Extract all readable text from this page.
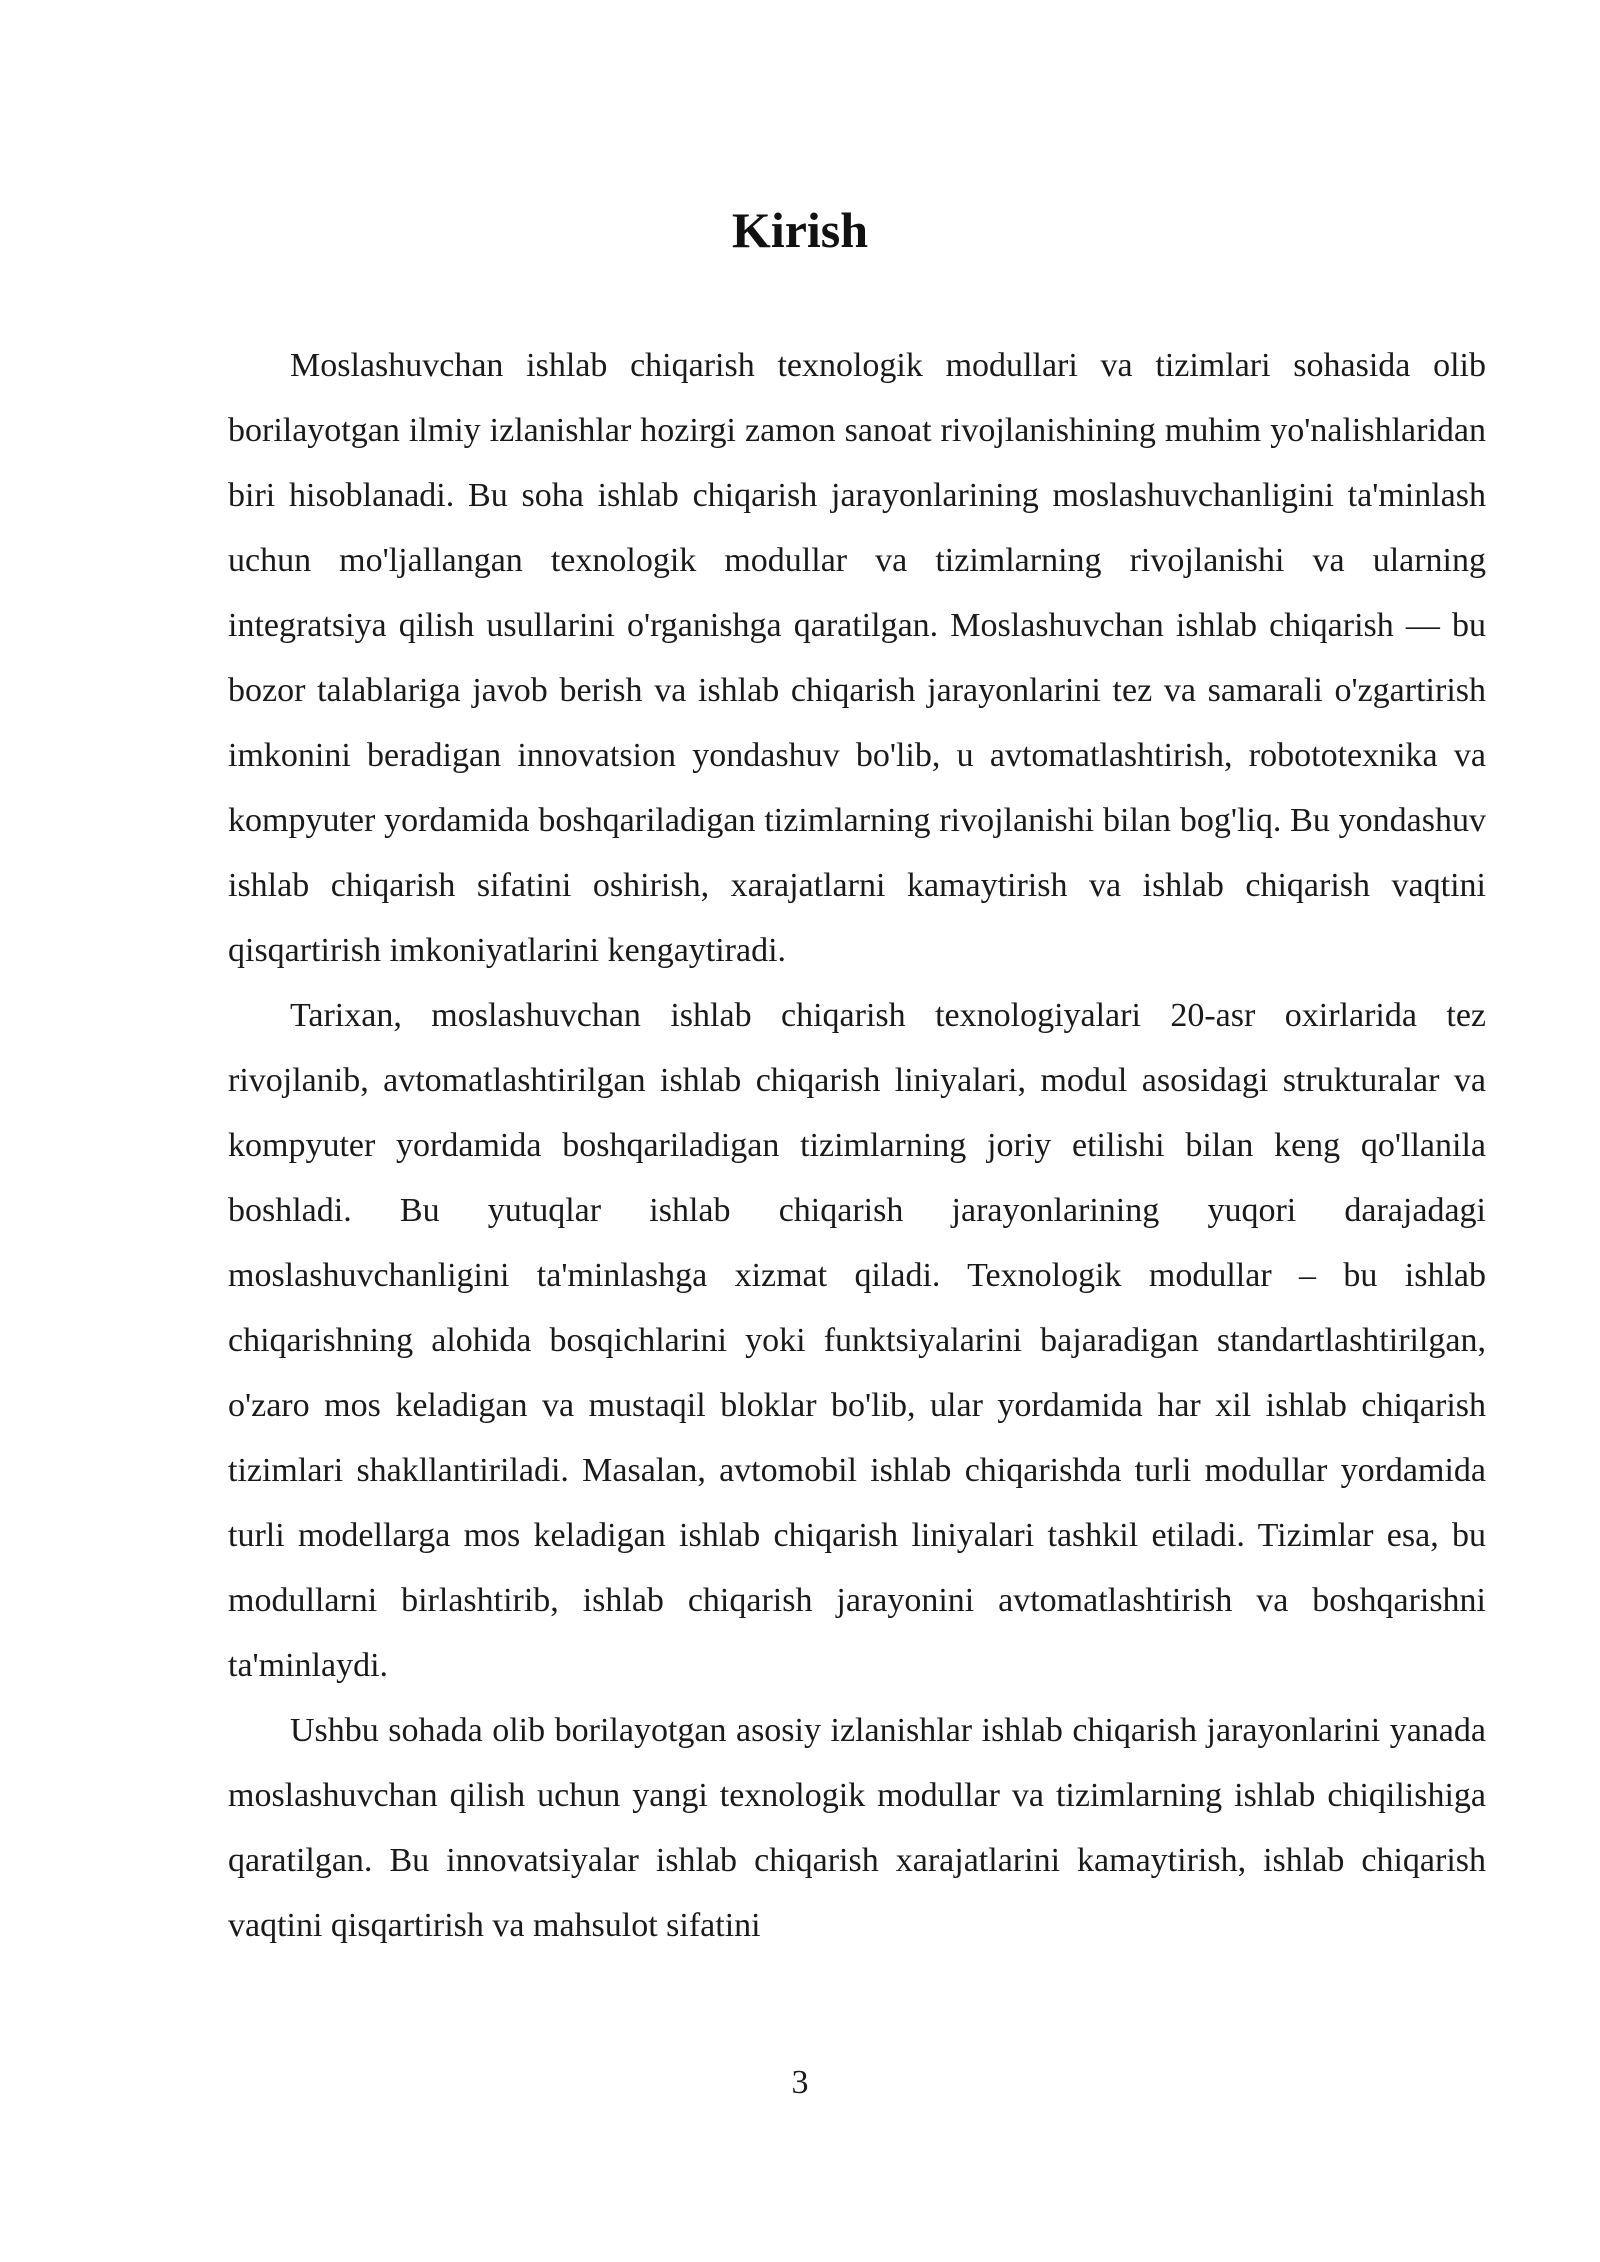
Kirish

Moslashuvchan ishlab chiqarish texnologik modullari va tizimlari sohasida olib borilayotgan ilmiy izlanishlar hozirgi zamon sanoat rivojlanishining muhim yo'nalishlaridan biri hisoblanadi. Bu soha ishlab chiqarish jarayonlarining moslashuvchanligini ta'minlash uchun mo'ljallangan texnologik modullar va tizimlarning rivojlanishi va ularning integratsiya qilish usullarini o'rganishga qaratilgan. Moslashuvchan ishlab chiqarish — bu bozor talablariga javob berish va ishlab chiqarish jarayonlarini tez va samarali o'zgartirish imkonini beradigan innovatsion yondashuv bo'lib, u avtomatlashtirish, robototexnika va kompyuter yordamida boshqariladigan tizimlarning rivojlanishi bilan bog'liq. Bu yondashuv ishlab chiqarish sifatini oshirish, xarajatlarni kamaytirish va ishlab chiqarish vaqtini qisqartirish imkoniyatlarini kengaytiradi.

Tarixan, moslashuvchan ishlab chiqarish texnologiyalari 20-asr oxirlarida tez rivojlanib, avtomatlashtirilgan ishlab chiqarish liniyalari, modul asosidagi strukturalar va kompyuter yordamida boshqariladigan tizimlarning joriy etilishi bilan keng qo'llanila boshladi. Bu yutuqlar ishlab chiqarish jarayonlarining yuqori darajadagi moslashuvchanligini ta'minlashga xizmat qiladi. Texnologik modullar – bu ishlab chiqarishning alohida bosqichlarini yoki funktsiyalarini bajaradigan standartlashtirilgan, o'zaro mos keladigan va mustaqil bloklar bo'lib, ular yordamida har xil ishlab chiqarish tizimlari shakllantiriladi. Masalan, avtomobil ishlab chiqarishda turli modullar yordamida turli modellarga mos keladigan ishlab chiqarish liniyalari tashkil etiladi. Tizimlar esa, bu modullarni birlashtirib, ishlab chiqarish jarayonini avtomatlashtirish va boshqarishni ta'minlaydi.

Ushbu sohada olib borilayotgan asosiy izlanishlar ishlab chiqarish jarayonlarini yanada moslashuvchan qilish uchun yangi texnologik modullar va tizimlarning ishlab chiqilishiga qaratilgan. Bu innovatsiyalar ishlab chiqarish xarajatlarini kamaytirish, ishlab chiqarish vaqtini qisqartirish va mahsulot sifatini

3
